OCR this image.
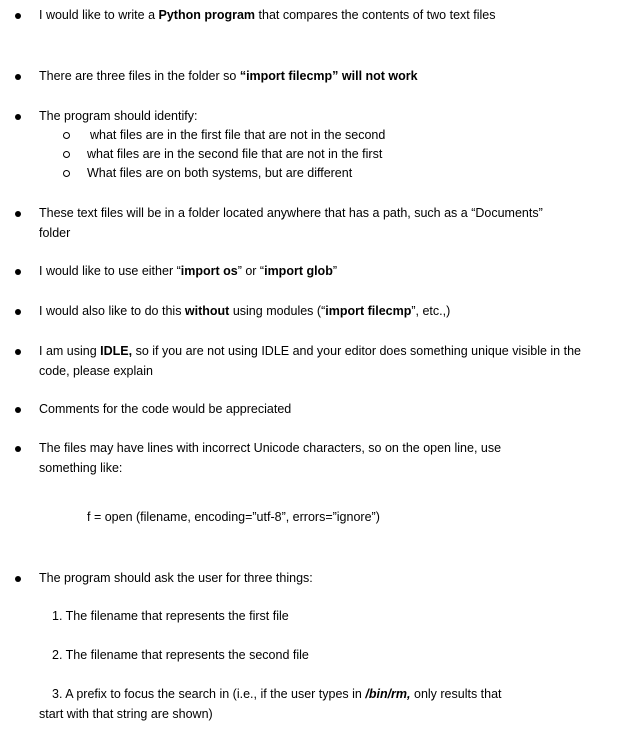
I would like to write a Python program that compares the contents of two text files
There are three files in the folder so “import filecmp” will not work
The program should identify:
what files are in the first file that are not in the second
what files are in the second file that are not in the first
What files are on both systems, but are different
These text files will be in a folder located anywhere that has a path, such as a “Documents”
folder
I would like to use either “import os” or “import glob”
I would also like to do this without using modules (“import filecmp”, etc.,)
I am using IDLE, so if you are not using IDLE and your editor does something unique visible in the
code, please explain
Comments for the code would be appreciated
The files may have lines with incorrect Unicode characters, so on the open line, use
something like:
f = open (filename, encoding=”utf-8”, errors=”ignore”)
The program should ask the user for three things:
1. The filename that represents the first file
2. The filename that represents the second file
3. A prefix to focus the search in (i.e., if the user types in /bin/rm, only results that
start with that string are shown)
